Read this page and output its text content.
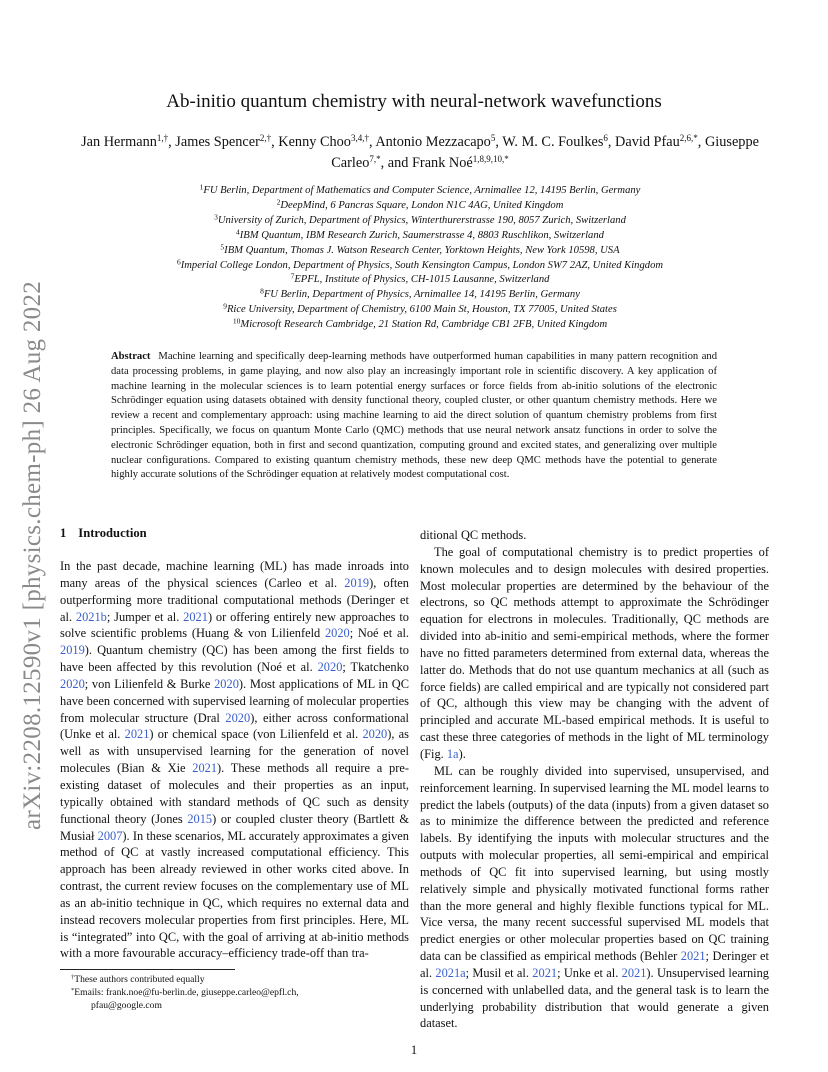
arXiv:2208.12590v1 [physics.chem-ph] 26 Aug 2022
Ab-initio quantum chemistry with neural-network wavefunctions
Jan Hermann$^{1,\dagger}$, James Spencer$^{2,\dagger}$, Kenny Choo$^{3,4,\dagger}$, Antonio Mezzacapo$^5$, W. M. C. Foulkes$^6$, David Pfau$^{2,6,*}$, Giuseppe Carleo$^{7,*}$, and Frank Noé$^{1,8,9,10,*}$
$^1$FU Berlin, Department of Mathematics and Computer Science, Arnimallee 12, 14195 Berlin, Germany
$^2$DeepMind, 6 Pancras Square, London N1C 4AG, United Kingdom
$^3$University of Zurich, Department of Physics, Winterthurerstrasse 190, 8057 Zurich, Switzerland
$^4$IBM Quantum, IBM Research Zurich, Saumerstrasse 4, 8803 Ruschlikon, Switzerland
$^5$IBM Quantum, Thomas J. Watson Research Center, Yorktown Heights, New York 10598, USA
$^6$Imperial College London, Department of Physics, South Kensington Campus, London SW7 2AZ, United Kingdom
$^7$EPFL, Institute of Physics, CH-1015 Lausanne, Switzerland
$^8$FU Berlin, Department of Physics, Arnimallee 14, 14195 Berlin, Germany
$^9$Rice University, Department of Chemistry, 6100 Main St, Houston, TX 77005, United States
$^{10}$Microsoft Research Cambridge, 21 Station Rd, Cambridge CB1 2FB, United Kingdom
Abstract Machine learning and specifically deep-learning methods have outperformed human capabilities in many pattern recognition and data processing problems, in game playing, and now also play an increasingly important role in scientific discovery. A key application of machine learning in the molecular sciences is to learn potential energy surfaces or force fields from ab-initio solutions of the electronic Schrödinger equation using datasets obtained with density functional theory, coupled cluster, or other quantum chemistry methods. Here we review a recent and complementary approach: using machine learning to aid the direct solution of quantum chemistry problems from first principles. Specifically, we focus on quantum Monte Carlo (QMC) methods that use neural network ansatz functions in order to solve the electronic Schrödinger equation, both in first and second quantization, computing ground and excited states, and generalizing over multiple nuclear configurations. Compared to existing quantum chemistry methods, these new deep QMC methods have the potential to generate highly accurate solutions of the Schrödinger equation at relatively modest computational cost.
1 Introduction

In the past decade, machine learning (ML) has made inroads into many areas of the physical sciences (Carleo et al. 2019), often outperforming more traditional computational methods (Deringer et al. 2021b; Jumper et al. 2021) or offering entirely new approaches to solve scientific problems (Huang & von Lilienfeld 2020; Noé et al. 2019). Quantum chemistry (QC) has been among the first fields to have been affected by this revolution (Noé et al. 2020; Tkatchenko 2020; von Lilienfeld & Burke 2020). Most applications of ML in QC have been concerned with supervised learning of molecular properties from molecular structure (Dral 2020), either across conformational (Unke et al. 2021) or chemical space (von Lilienfeld et al. 2020), as well as with unsupervised learning for the generation of novel molecules (Bian & Xie 2021). These methods all require a pre-existing dataset of molecules and their properties as an input, typically obtained with standard methods of QC such as density functional theory (Jones 2015) or coupled cluster theory (Bartlett & Musiał 2007). In these scenarios, ML accurately approximates a given method of QC at vastly increased computational efficiency. This approach has been already reviewed in other works cited above. In contrast, the current review focuses on the complementary use of ML as an ab-initio technique in QC, which requires no external data and instead recovers molecular properties from first principles. Here, ML is “integrated” into QC, with the goal of arriving at ab-initio methods with a more favourable accuracy–efficiency trade-off than tra-

ditional QC methods.

The goal of computational chemistry is to predict properties of known molecules and to design molecules with desired properties. Most molecular properties are determined by the behaviour of the electrons, so QC methods attempt to approximate the Schrödinger equation for electrons in molecules. Traditionally, QC methods are divided into ab-initio and semi-empirical methods, where the former have no fitted parameters determined from external data, whereas the latter do. Methods that do not use quantum mechanics at all (such as force fields) are called empirical and are typically not considered part of QC, although this view may be changing with the advent of principled and accurate ML-based empirical methods. It is useful to cast these three categories of methods in the light of ML terminology (Fig. 1a).

ML can be roughly divided into supervised, unsupervised, and reinforcement learning. In supervised learning the ML model learns to predict the labels (outputs) of the data (inputs) from a given dataset so as to minimize the difference between the predicted and reference labels. By identifying the inputs with molecular structures and the outputs with molecular properties, all semi-empirical and empirical methods of QC fit into supervised learning, but using mostly relatively simple and physically motivated functional forms rather than the more general and highly flexible functions typical for ML. Vice versa, the many recent successful supervised ML models that predict energies or other molecular properties based on QC training data can be classified as empirical methods (Behler 2021; Deringer et al. 2021a; Musil et al. 2021; Unke et al. 2021). Unsupervised learning is concerned with unlabelled data, and the general task is to learn the underlying probability distribution that would generate a given dataset.

†These authors contributed equally
*Emails: frank.noe@fu-berlin.de, giuseppe.carleo@epfl.ch,
pfau@google.com
1
